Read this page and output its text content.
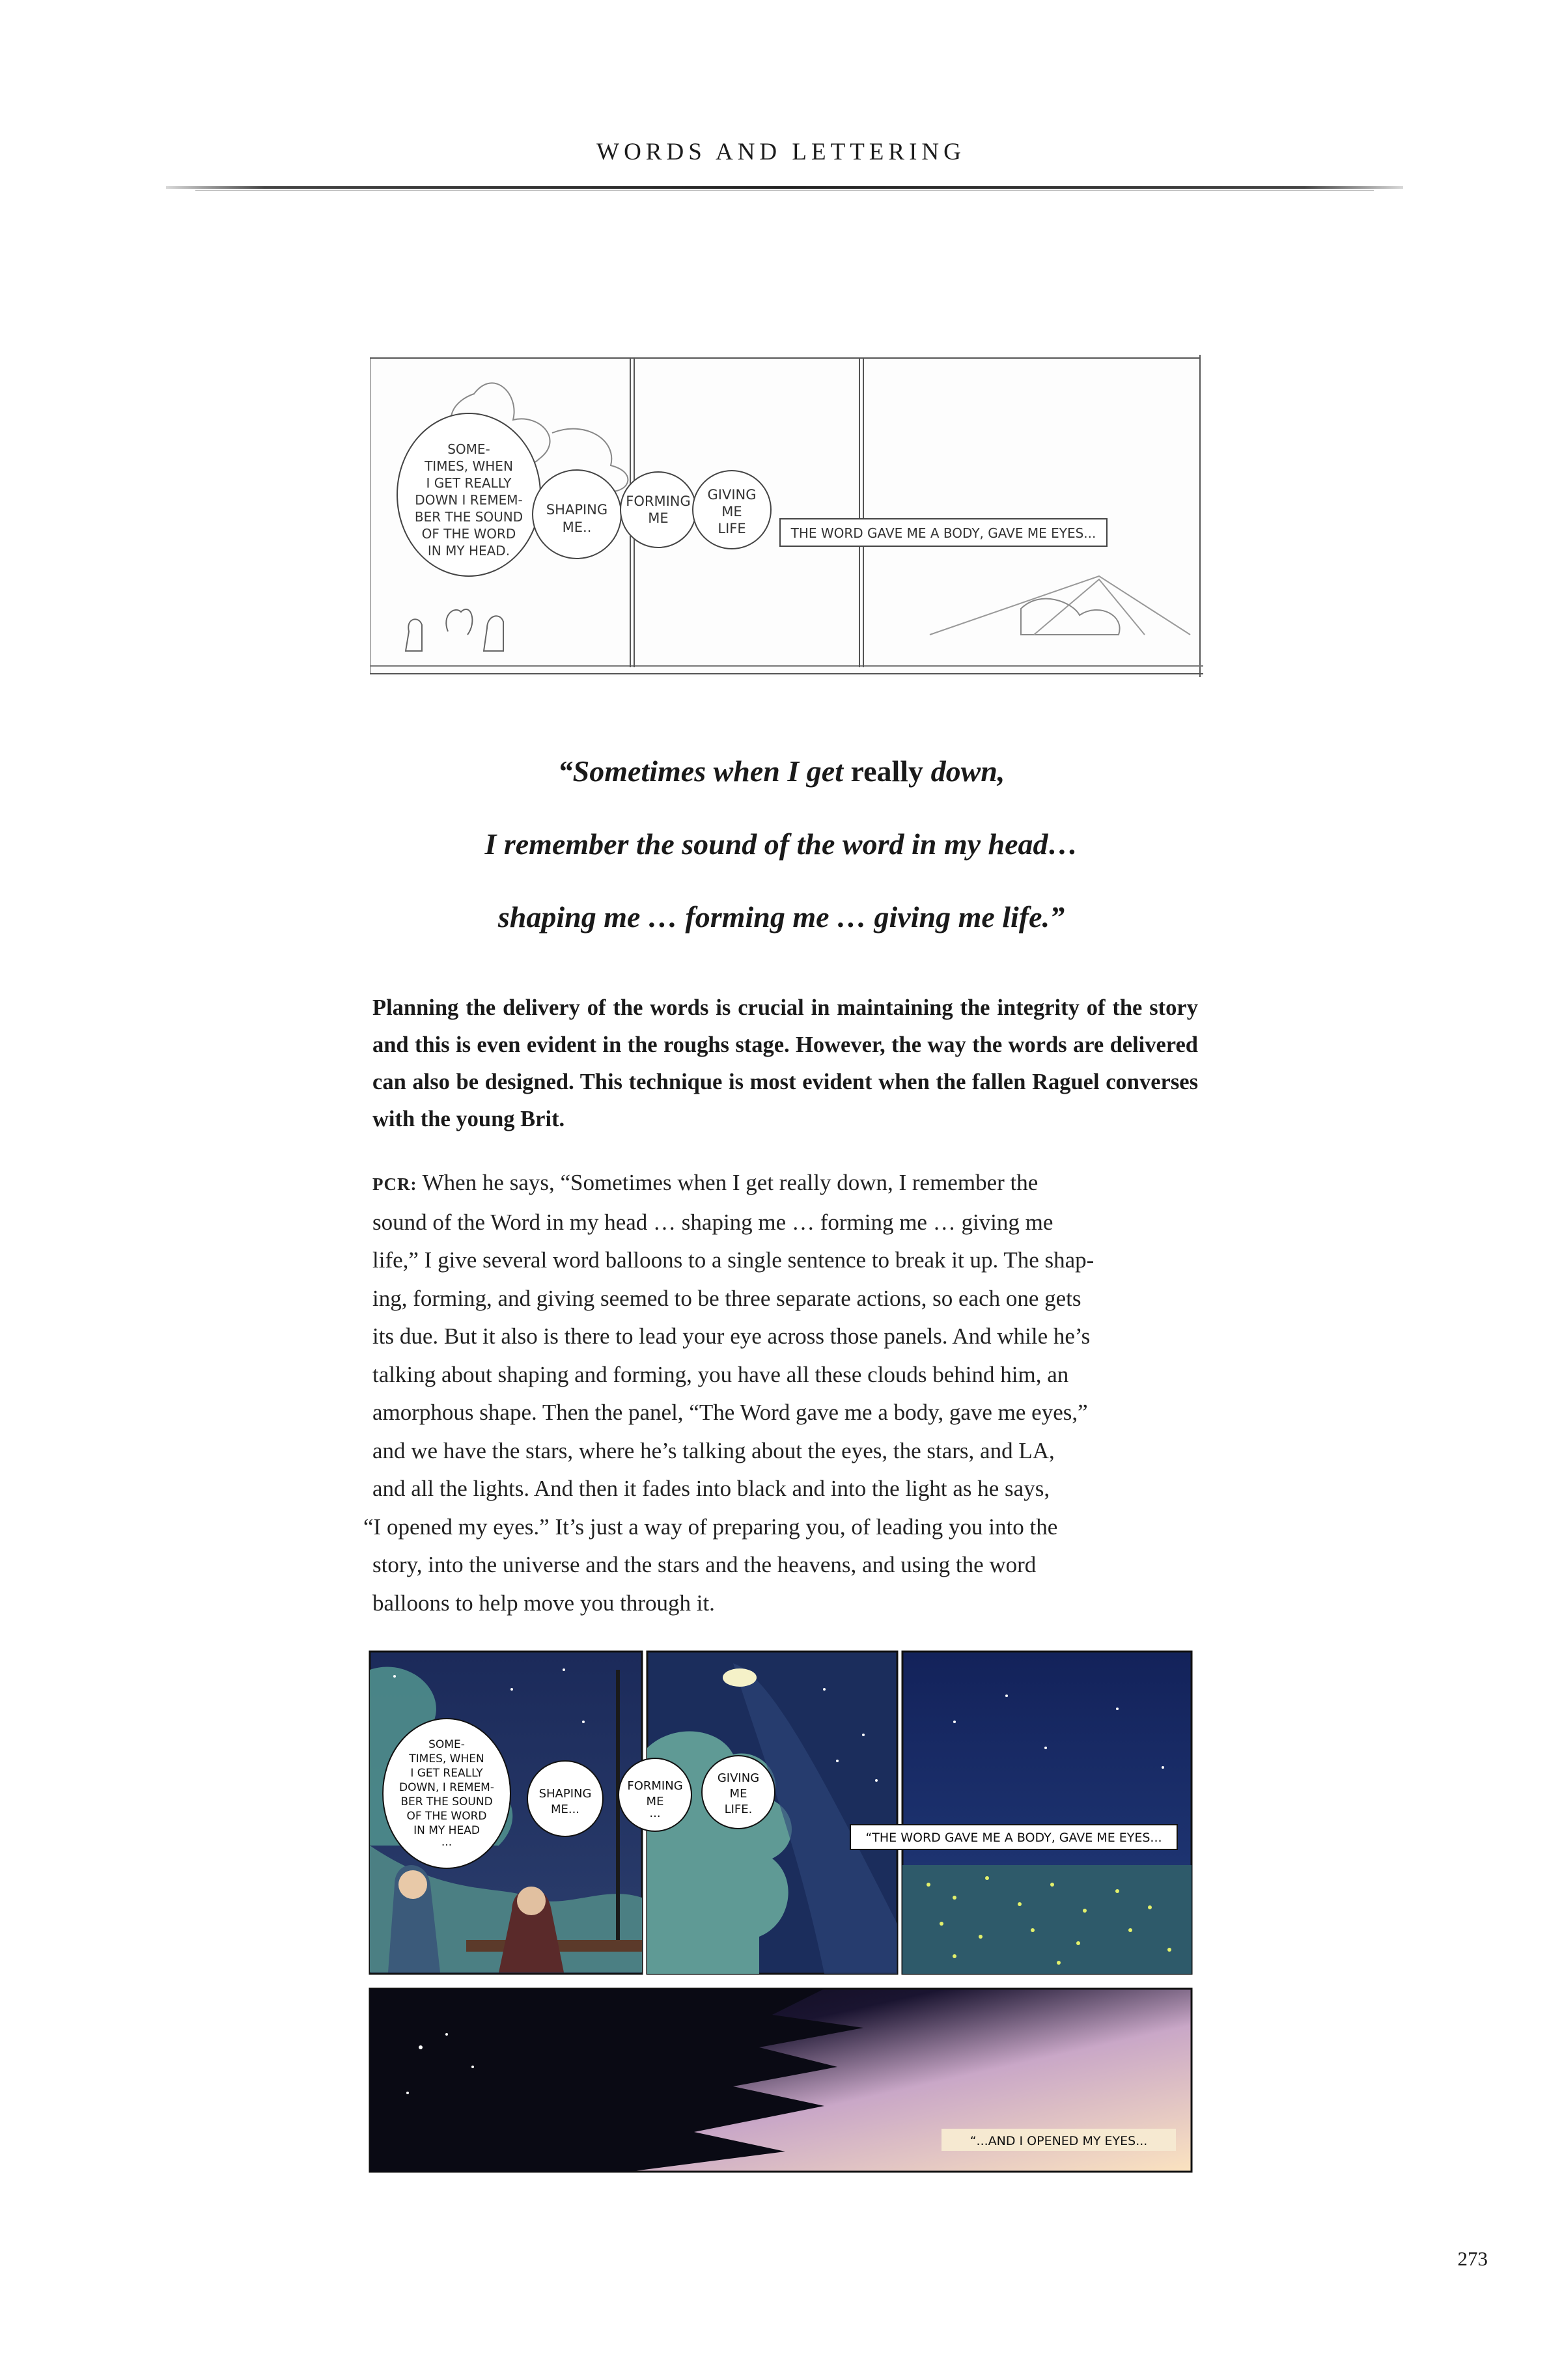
WORDS AND LETTERING
SOME-
TIMES, WHEN
I GET REALLY
DOWN I REMEM-
BER THE SOUND
OF THE WORD
IN MY HEAD.
SHAPING
ME..
FORMING
ME
GIVING
ME
LIFE	THE WORD GAVE ME A BODY, GAVE ME EYES...
“Sometimes when I get really down,
I remember the sound of the word in my head…
shaping me … forming me … giving me life.”
Planning the delivery of the words is crucial in maintaining the integrity of the story and this is even evident in the roughs stage. However, the way the words are delivered can also be designed. This technique is most evident when the fallen Raguel converses with the young Brit.
PCR: When he says, “Sometimes when I get really down, I remember the
sound of the Word in my head … shaping me … forming me … giving me
life,” I give several word balloons to a single sentence to break it up. The shap-
ing, forming, and giving seemed to be three separate actions, so each one gets
its due. But it also is there to lead your eye across those panels. And while he’s
talking about shaping and forming, you have all these clouds behind him, an
amorphous shape. Then the panel, “The Word gave me a body, gave me eyes,”
and we have the stars, where he’s talking about the eyes, the stars, and LA,
and all the lights. And then it fades into black and into the light as he says,
“I opened my eyes.” It’s just a way of preparing you, of leading you into the
story, into the universe and the stars and the heavens, and using the word
balloons to help move you through it.
SOME-
TIMES, WHEN
I GET REALLY
DOWN, I REMEM-
BER THE SOUND
OF THE WORD
IN MY HEAD
...
SHAPING
ME...
FORMING
ME
...
GIVING
ME
LIFE.
“THE WORD GAVE ME A BODY, GAVE ME EYES...
“...AND I OPENED MY EYES...
273
